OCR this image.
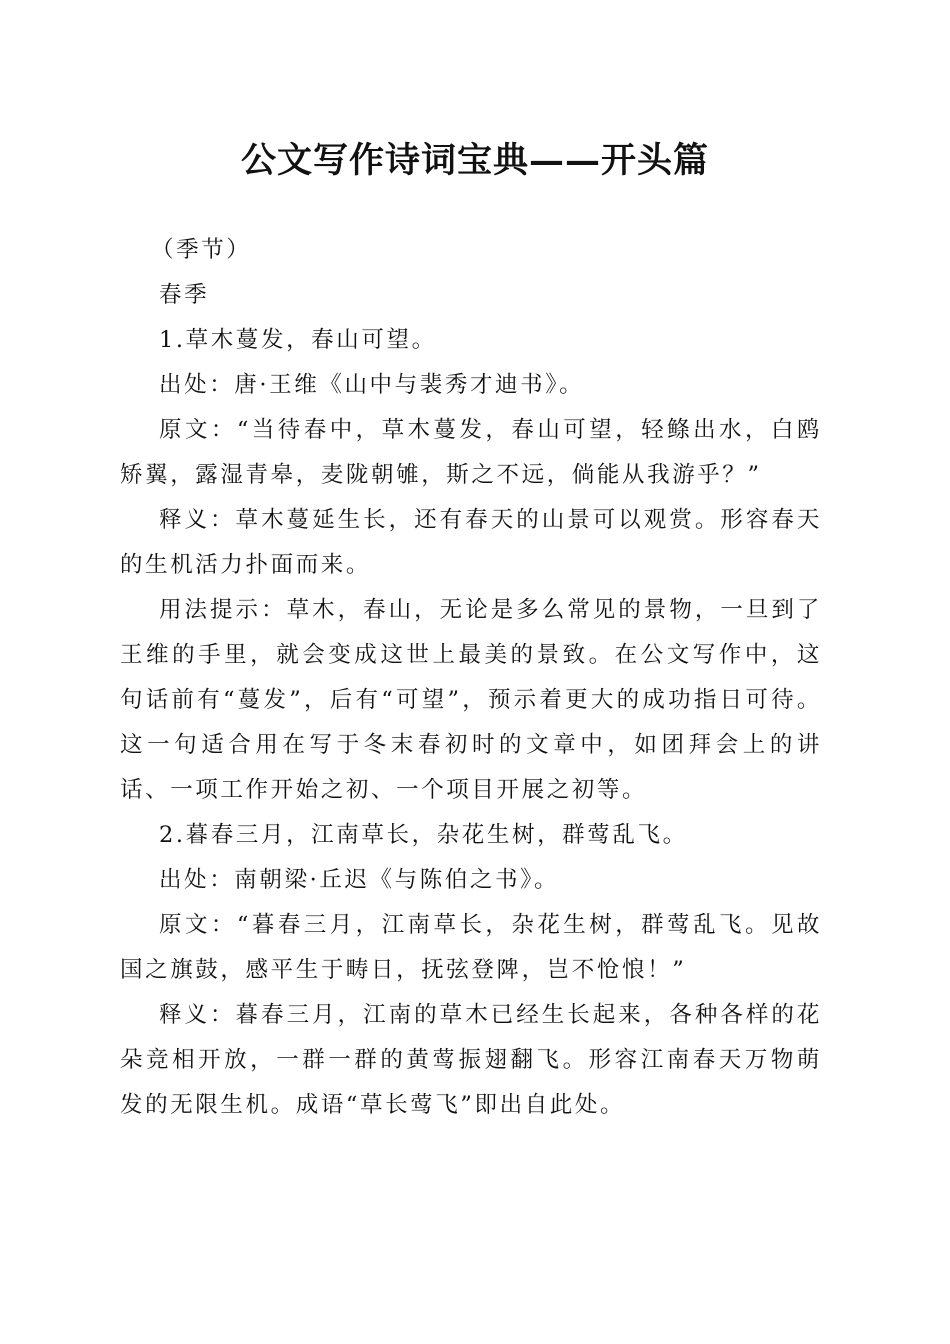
公文写作诗词宝典——开头篇

（季节）

春季

1.草木蔓发，春山可望。

出处：唐·王维《山中与裴秀才迪书》。

原文：“当待春中，草木蔓发，春山可望，轻鲦出水，白鸥矫翼，露湿青皋，麦陇朝雊，斯之不远，倘能从我游乎？”

释义：草木蔓延生长，还有春天的山景可以观赏。形容春天的生机活力扑面而来。

用法提示：草木，春山，无论是多么常见的景物，一旦到了王维的手里，就会变成这世上最美的景致。在公文写作中，这句话前有“蔓发”，后有“可望”，预示着更大的成功指日可待。这一句适合用在写于冬末春初时的文章中，如团拜会上的讲话、一项工作开始之初、一个项目开展之初等。

2.暮春三月，江南草长，杂花生树，群莺乱飞。

出处：南朝梁·丘迟《与陈伯之书》。

原文：“暮春三月，江南草长，杂花生树，群莺乱飞。见故国之旗鼓，感平生于畴日，抚弦登陴，岂不怆悢！”

释义：暮春三月，江南的草木已经生长起来，各种各样的花朵竞相开放，一群一群的黄莺振翅翻飞。形容江南春天万物萌发的无限生机。成语“草长莺飞”即出自此处。
